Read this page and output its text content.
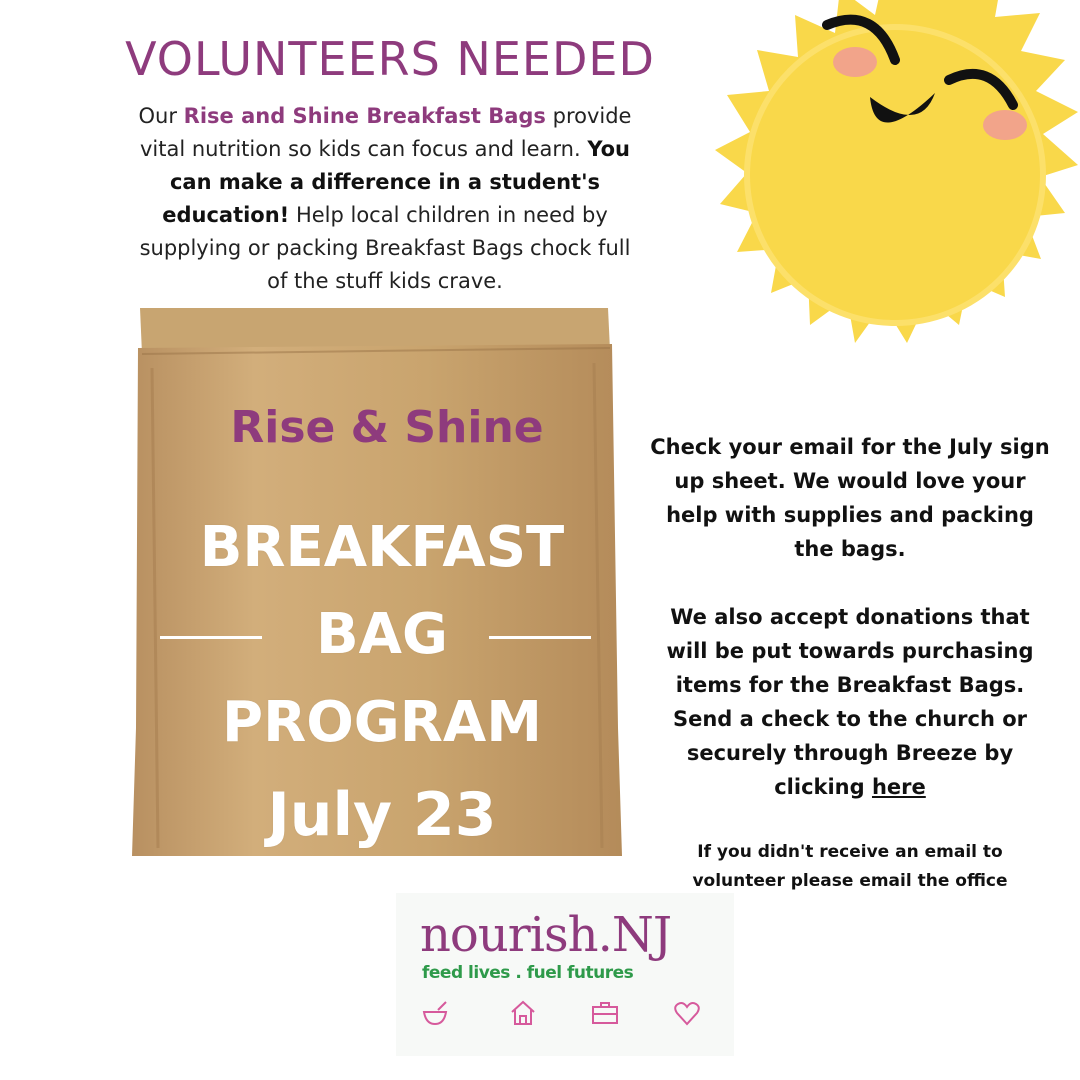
VOLUNTEERS NEEDED

Our Rise and Shine Breakfast Bags provide vital nutrition so kids can focus and learn. You can make a difference in a student's education! Help local children in need by supplying or packing Breakfast Bags chock full of the stuff kids crave.

Rise & Shine
BREAKFAST
BAG
PROGRAM
July 23

Check your email for the July sign up sheet. We would love your help with supplies and packing the bags.

We also accept donations that will be put towards purchasing items for the Breakfast Bags. Send a check to the church or securely through Breeze by clicking here

If you didn't receive an email to volunteer please email the office

nourish.NJ
feed lives . fuel futures
